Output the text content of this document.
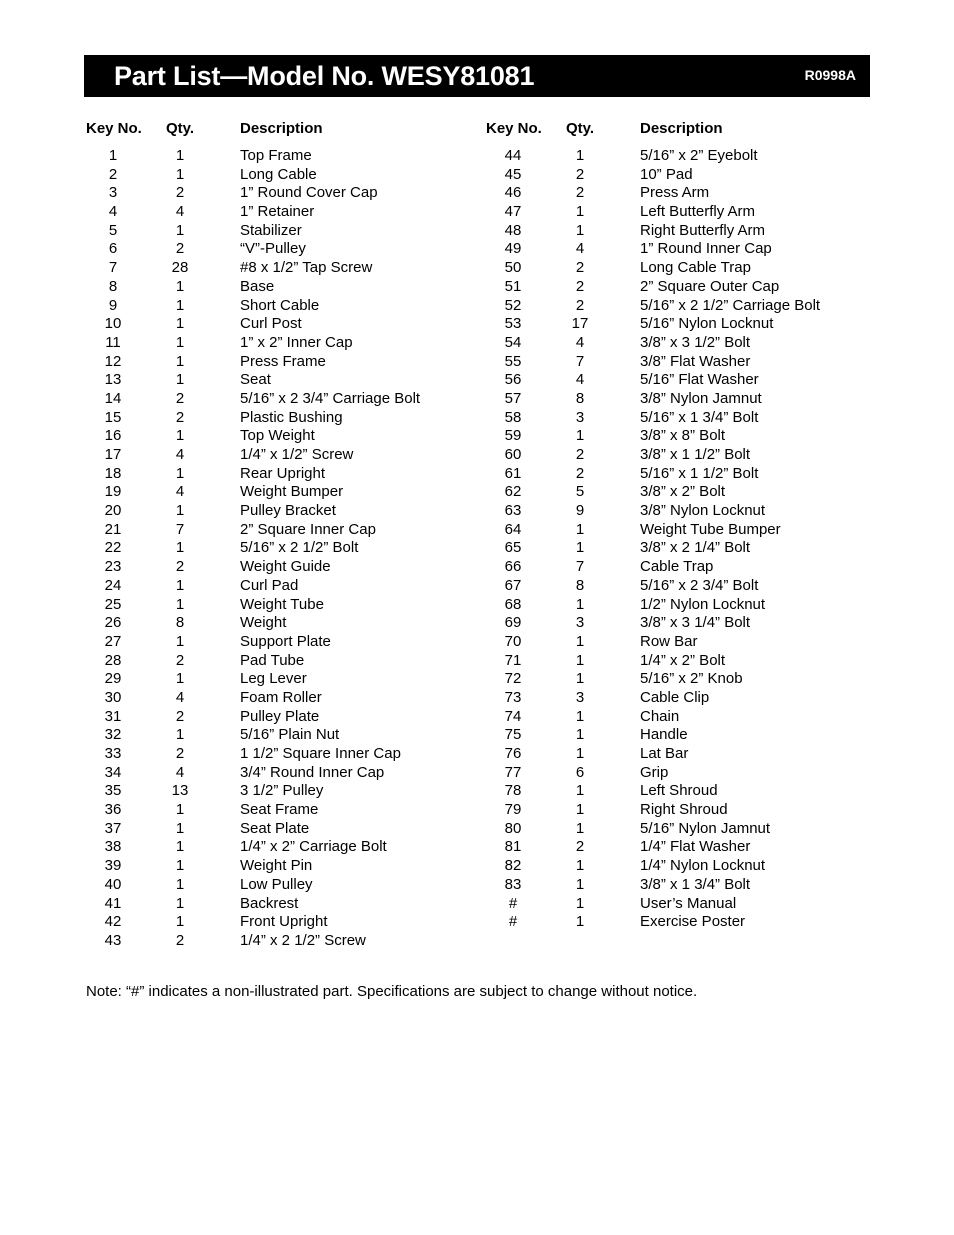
Part List—Model No. WESY81081	R0998A
Key No. Qty.	Description
1	1	Top Frame
2	1	Long Cable
3	2	1” Round Cover Cap
4	4	1” Retainer
5	1	Stabilizer
6	2	“V”-Pulley
7	28	#8 x 1/2” Tap Screw
8	1	Base
9	1	Short Cable
10	1	Curl Post
11	1	1” x 2” Inner Cap
12	1	Press Frame
13	1	Seat
14	2	5/16” x 2 3/4” Carriage Bolt
15	2	Plastic Bushing
16	1	Top Weight
17	4	1/4” x 1/2” Screw
18	1	Rear Upright
19	4	Weight Bumper
20	1	Pulley Bracket
21	7	2” Square Inner Cap
22	1	5/16” x 2 1/2” Bolt
23	2	Weight Guide
24	1	Curl Pad
25	1	Weight Tube
26	8	Weight
27	1	Support Plate
28	2	Pad Tube
29	1	Leg Lever
30	4	Foam Roller
31	2	Pulley Plate
32	1	5/16” Plain Nut
33	2	1 1/2” Square Inner Cap
34	4	3/4” Round Inner Cap
35	13	3 1/2” Pulley
36	1	Seat Frame
37	1	Seat Plate
38	1	1/4” x 2” Carriage Bolt
39	1	Weight Pin
40	1	Low Pulley
41	1	Backrest
42	1	Front Upright
43	2	1/4” x 2 1/2” Screw
Key No. Qty.	Description
44	1	5/16” x 2” Eyebolt
45	2	10” Pad
46	2	Press Arm
47	1	Left Butterfly Arm
48	1	Right Butterfly Arm
49	4	1” Round Inner Cap
50	2	Long Cable Trap
51	2	2” Square Outer Cap
52	2	5/16” x 2 1/2” Carriage Bolt
53	17	5/16” Nylon Locknut
54	4	3/8” x 3 1/2” Bolt
55	7	3/8” Flat Washer
56	4	5/16” Flat Washer
57	8	3/8” Nylon Jamnut
58	3	5/16” x 1 3/4” Bolt
59	1	3/8” x 8” Bolt
60	2	3/8” x 1 1/2” Bolt
61	2	5/16” x 1 1/2” Bolt
62	5	3/8” x 2” Bolt
63	9	3/8” Nylon Locknut
64	1	Weight Tube Bumper
65	1	3/8” x 2 1/4” Bolt
66	7	Cable Trap
67	8	5/16” x 2 3/4” Bolt
68	1	1/2” Nylon Locknut
69	3	3/8” x 3 1/4” Bolt
70	1	Row Bar
71	1	1/4” x 2” Bolt
72	1	5/16” x 2” Knob
73	3	Cable Clip
74	1	Chain
75	1	Handle
76	1	Lat Bar
77	6	Grip
78	1	Left Shroud
79	1	Right Shroud
80	1	5/16” Nylon Jamnut
81	2	1/4” Flat Washer
82	1	1/4” Nylon Locknut
83	1	3/8” x 1 3/4” Bolt
#	1	User’s Manual
#	1	Exercise Poster
Note: “#” indicates a non-illustrated part. Specifications are subject to change without notice.
